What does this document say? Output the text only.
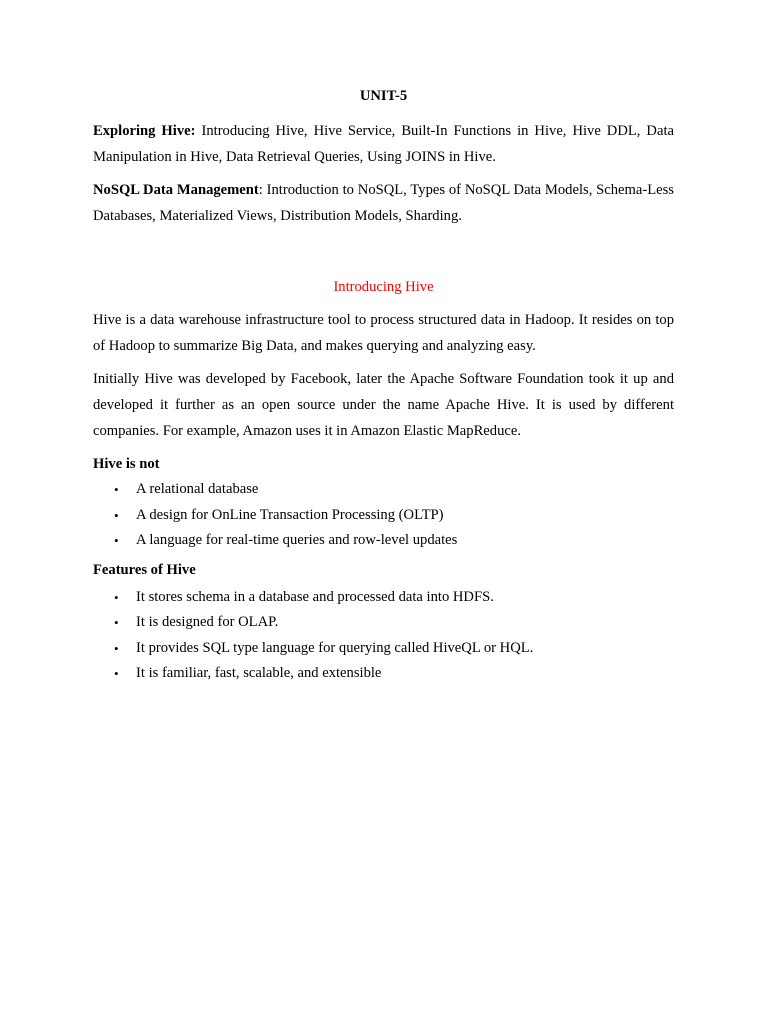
UNIT-5

Exploring Hive: Introducing Hive, Hive Service, Built-In Functions in Hive, Hive DDL, Data Manipulation in Hive, Data Retrieval Queries, Using JOINS in Hive.

NoSQL Data Management: Introduction to NoSQL, Types of NoSQL Data Models, Schema-Less Databases, Materialized Views, Distribution Models, Sharding.

Introducing Hive

Hive is a data warehouse infrastructure tool to process structured data in Hadoop. It resides on top of Hadoop to summarize Big Data, and makes querying and analyzing easy.

Initially Hive was developed by Facebook, later the Apache Software Foundation took it up and developed it further as an open source under the name Apache Hive. It is used by different companies. For example, Amazon uses it in Amazon Elastic MapReduce.

Hive is not
• A relational database
• A design for OnLine Transaction Processing (OLTP)
• A language for real-time queries and row-level updates
Features of Hive
• It stores schema in a database and processed data into HDFS.
• It is designed for OLAP.
• It provides SQL type language for querying called HiveQL or HQL.
• It is familiar, fast, scalable, and extensible
